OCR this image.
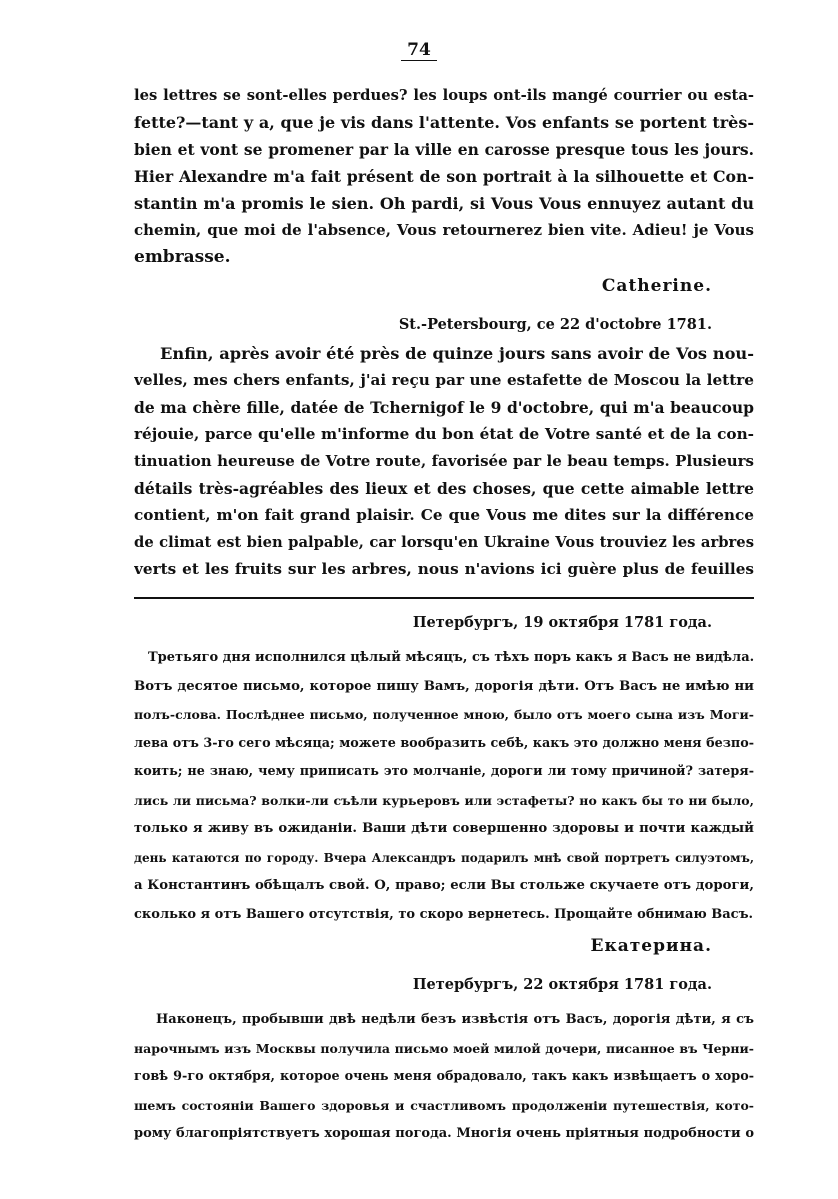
74
les lettres se sont-elles perdues? les loups ont-ils mangé courrier ou esta-
fette?—tant y a, que je vis dans l'attente. Vos enfants se portent très-
bien et vont se promener par la ville en carosse presque tous les jours.
Hier Alexandre m'a fait présent de son portrait à la silhouette et Con-
stantin m'a promis le sien. Oh pardi, si Vous Vous ennuyez autant du
chemin, que moi de l'absence, Vous retournerez bien vite. Adieu! je Vous
embrasse.
Catherine.
St.-Petersbourg, ce 22 d'octobre 1781.
Enfin, après avoir été près de quinze jours sans avoir de Vos nou-
velles, mes chers enfants, j'ai reçu par une estafette de Moscou la lettre
de ma chère fille, datée de Tchernigof le 9 d'octobre, qui m'a beaucoup
réjouie, parce qu'elle m'informe du bon état de Votre santé et de la con-
tinuation heureuse de Votre route, favorisée par le beau temps. Plusieurs
détails très-agréables des lieux et des choses, que cette aimable lettre
contient, m'on fait grand plaisir. Ce que Vous me dites sur la différence
de climat est bien palpable, car lorsqu'en Ukraine Vous trouviez les arbres
verts et les fruits sur les arbres, nous n'avions ici guère plus de feuilles
Петербургъ, 19 октября 1781 года.
Третьяго дня исполнился цѣлый мѣсяцъ, съ тѣхъ поръ какъ я Васъ не видѣла.
Вотъ десятое письмо, которое пишу Вамъ, дорогія дѣти. Отъ Васъ не имѣю ни
полъ-слова. Послѣднее письмо, полученное мною, было отъ моего сына изъ Моги-
лева отъ 3-го сего мѣсяца; можете вообразить себѣ, какъ это должно меня безпо-
коить; не знаю, чему приписать это молчаніе, дороги ли тому причиной? затеря-
лись ли письма? волки-ли съѣли курьеровъ или эстафеты? но какъ бы то ни было,
только я живу въ ожиданіи. Ваши дѣти совершенно здоровы и почти каждый
день катаются по городу. Вчера Александръ подарилъ мнѣ свой портретъ силуэтомъ,
а Константинъ обѣщалъ свой. О, право; если Вы стольже скучаете отъ дороги,
сколько я отъ Вашего отсутствія, то скоро вернетесь. Прощайте обнимаю Васъ.
Екатерина.
Петербургъ, 22 октября 1781 года.
Наконецъ, пробывши двѣ недѣли безъ извѣстія отъ Васъ, дорогія дѣти, я съ
нарочнымъ изъ Москвы получила письмо моей милой дочери, писанное въ Черни-
говѣ 9-го октября, которое очень меня обрадовало, такъ какъ извѣщаетъ о хоро-
шемъ состояніи Вашего здоровья и счастливомъ продолженіи путешествія, кото-
рому благопріятствуетъ хорошая погода. Многія очень пріятныя подробности о
